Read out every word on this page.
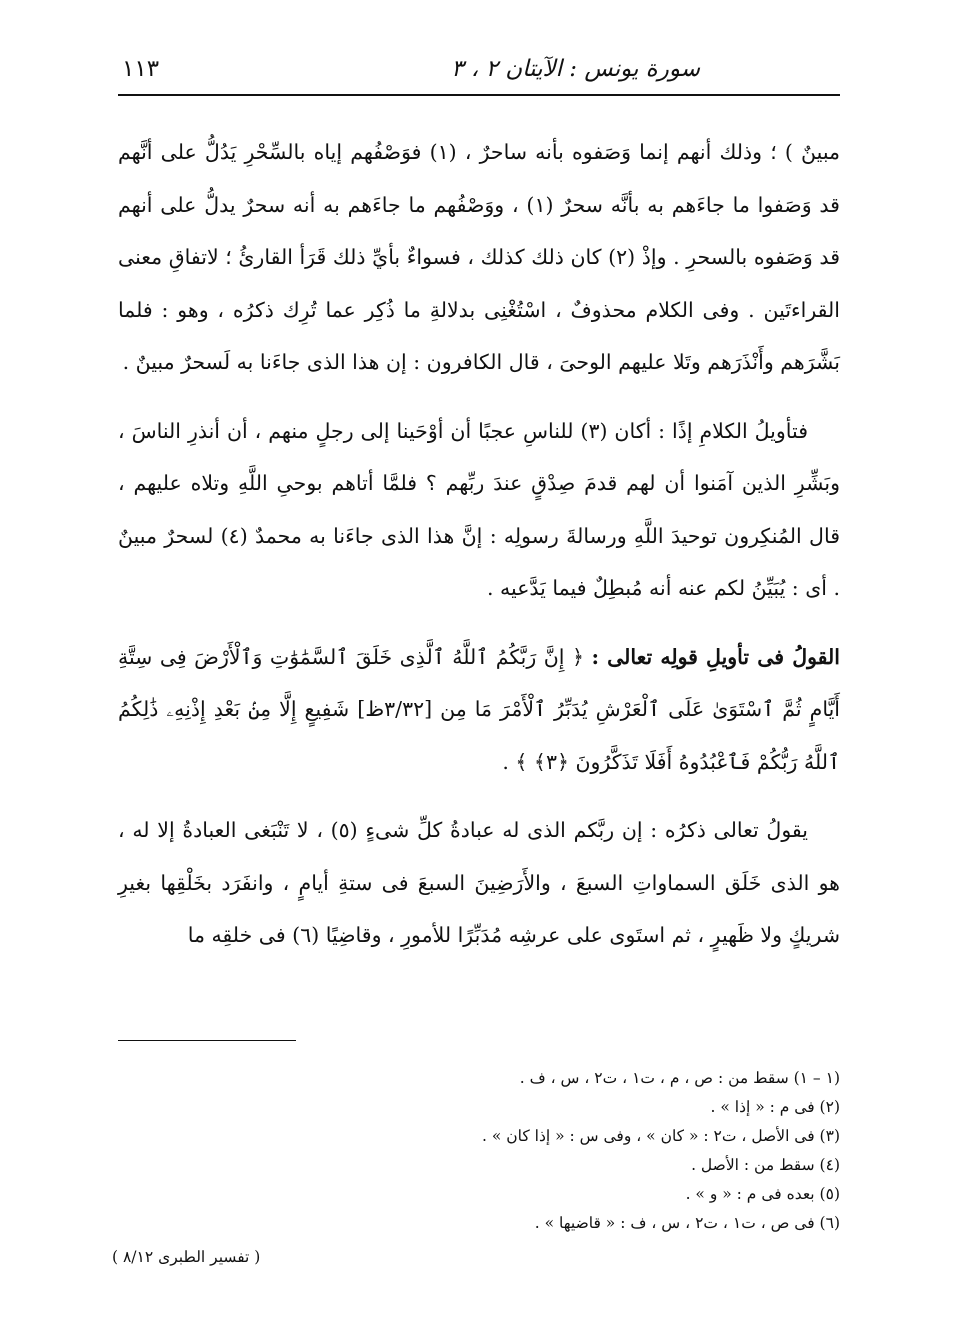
سورة يونس : الآيتان ٢ ، ٣
١١٣

مبينٌ ) ؛ وذلك أنهم إنما وَصَفوه بأنه ساحرٌ ، (١) فوَصْفُهم إياه بالسِّحْرِ يَدُلُّ على أنَّهم قد وَصَفوا ما جاءَهم به بأنَّه سحرٌ (١) ، ووَصْفُهم ما جاءَهم به أنه سحرٌ يدلُّ على أنهم قد وَصَفوه بالسحرِ . وإذْ (٢) كان ذلك كذلك ، فسواءٌ بأيِّ ذلك قَرَأ القارئُ ؛ لاتفاقِ معنى القراءتَين . وفى الكلام محذوفٌ ، اسْتُغْنِى بدلالةِ ما ذُكِر عما تُرِك ذكرُه ، وهو : فلما بَشَّرَهم وأَنْذَرَهم وتَلا عليهم الوحىَ ، قال الكافرون : إن هذا الذى جاءَنا به لَسحرٌ مبينٌ .

فتأويلُ الكلامِ إذًا : أكان (٣) للناسِ عجبًا أن أوْحَينا إلى رجلٍ منهم ، أن أنذرِ الناسَ ، وبَشِّرِ الذين آمَنوا أن لهم قدمَ صِدْقٍ عندَ ربِّهم ؟ فلمَّا أتاهم بوحىِ اللَّهِ وتلاه عليهم ، قال المُنكِرون توحيدَ اللَّهِ ورسالةَ رسولِه : إنَّ هذا الذى جاءَنا به محمدٌ (٤) لسحرٌ مبينٌ . أى : يُبَيِّنُ لكم عنه أنه مُبطِلٌ فيما يَدَّعيه .

القولُ فى تأويلِ قولِه تعالى : ﴿ إِنَّ رَبَّكُمُ ٱللَّهُ ٱلَّذِى خَلَقَ ٱلسَّمَٰوَٰتِ وَٱلْأَرْضَ فِى سِتَّةِ أَيَّامٍ ثُمَّ ٱسْتَوَىٰ عَلَى ٱلْعَرْشِ يُدَبِّرُ ٱلْأَمْرَ مَا مِن [٣/٣٢ظ] شَفِيعٍ إِلَّا مِنۢ بَعْدِ إِذْنِهِۦ ذَٰلِكُمُ ٱللَّهُ رَبُّكُمْ فَٱعْبُدُوهُ أَفَلَا تَذَكَّرُونَ ﴿٣﴾ ﴾ .

يقولُ تعالى ذكرُه : إن ربَّكم الذى له عبادةُ كلِّ شىءٍ (٥) ، لا تَنْبَغى العبادةُ إلا له ، هو الذى خَلَق السماواتِ السبعَ ، والأَرَضِينَ السبعَ فى ستةِ أيامٍ ، وانفَرَد بخَلْقِها بغيرِ شريكٍ ولا ظَهيرٍ ، ثم استَوى على عرشِه مُدَبِّرًا للأمورِ ، وقاضِيًا (٦) فى خلقِه ما

(١ – ١) سقط من : ص ، م ، ت١ ، ت٢ ، س ، ف .

(٢) فى م : « إذا » .

(٣) فى الأصل ، ت٢ : « كان » ، وفى س : « إذا كان » .

(٤) سقط من : الأصل .

(٥) بعده فى م : « و » .

(٦) فى ص ، ت١ ، ت٢ ، س ، ف : « قاضيها » .

( تفسير الطبرى ٨/١٢ )
